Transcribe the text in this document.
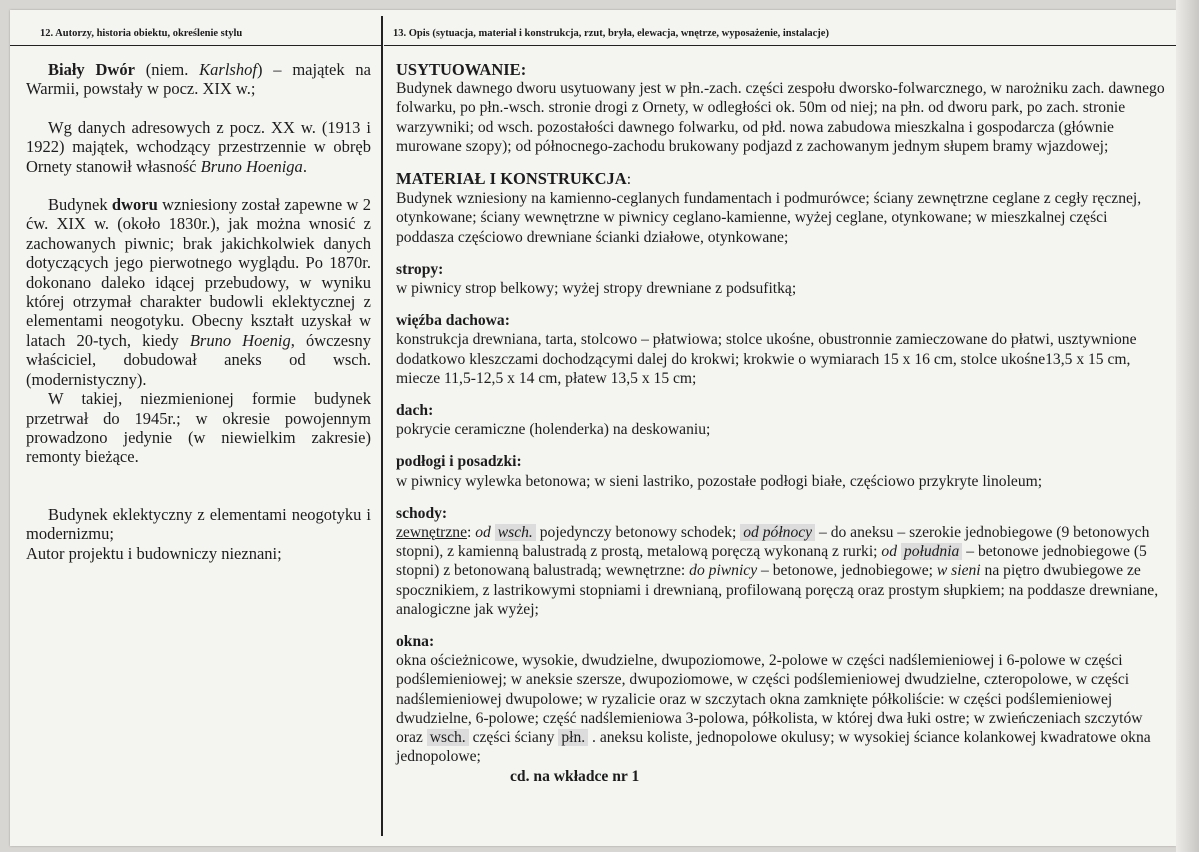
12. Autorzy, historia obiektu, określenie stylu	13. Opis (sytuacja, materiał i konstrukcja, rzut, bryła, elewacja, wnętrze, wyposażenie, instalacje)

Biały Dwór (niem. Karlshof) – majątek na Warmii, powstały w pocz. XIX w.;

Wg danych adresowych z pocz. XX w. (1913 i 1922) majątek, wchodzący przestrzennie w obręb Ornety stanowił własność Bruno Hoeniga.

Budynek dworu wzniesiony został zapewne w 2 ćw. XIX w. (około 1830r.), jak można wnosić z zachowanych piwnic; brak jakichkolwiek danych dotyczących jego pierwotnego wyglądu. Po 1870r. dokonano daleko idącej przebudowy, w wyniku której otrzymał charakter budowli eklektycznej z elementami neogotyku. Obecny kształt uzyskał w latach 20-tych, kiedy Bruno Hoenig, ówczesny właściciel, dobudował aneks od wsch. (modernistyczny).

W takiej, niezmienionej formie budynek przetrwał do 1945r.; w okresie powojennym prowadzono jedynie (w niewielkim zakresie) remonty bieżące.

Budynek eklektyczny z elementami neogotyku i modernizmu;

Autor projektu i budowniczy nieznani;

USYTUOWANIE:

Budynek dawnego dworu usytuowany jest w płn.-zach. części zespołu dworsko-folwarcznego, w narożniku zach. dawnego folwarku, po płn.-wsch. stronie drogi z Ornety, w odległości ok. 50m od niej; na płn. od dworu park, po zach. stronie warzywniki; od wsch. pozostałości dawnego folwarku, od płd. nowa zabudowa mieszkalna i gospodarcza (głównie murowane szopy); od północnego-zachodu brukowany podjazd z zachowanym jednym słupem bramy wjazdowej;

MATERIAŁ I KONSTRUKCJA:

Budynek wzniesiony na kamienno-ceglanych fundamentach i podmurówce; ściany zewnętrzne ceglane z cegły ręcznej, otynkowane; ściany wewnętrzne w piwnicy ceglano-kamienne, wyżej ceglane, otynkowane; w mieszkalnej części poddasza częściowo drewniane ścianki działowe, otynkowane;

stropy:

w piwnicy strop belkowy; wyżej stropy drewniane z podsufitką;

więźba dachowa:

konstrukcja drewniana, tarta, stolcowo – płatwiowa; stolce ukośne, obustronnie zamieczowane do płatwi, usztywnione dodatkowo kleszczami dochodzącymi dalej do krokwi; krokwie o wymiarach 15 x 16 cm, stolce ukośne13,5 x 15 cm, miecze 11,5-12,5 x 14 cm, płatew 13,5 x 15 cm;

dach:

pokrycie ceramiczne (holenderka) na deskowaniu;

podłogi i posadzki:

w piwnicy wylewka betonowa; w sieni lastriko, pozostałe podłogi białe, częściowo przykryte linoleum;

schody:

zewnętrzne: od wsch. pojedynczy betonowy schodek; od północy – do aneksu – szerokie jednobiegowe (9 betonowych stopni), z kamienną balustradą z prostą, metalową poręczą wykonaną z rurki; od południa – betonowe jednobiegowe (5 stopni) z betonowaną balustradą; wewnętrzne: do piwnicy – betonowe, jednobiegowe; w sieni na piętro dwubiegowe ze spocznikiem, z lastrikowymi stopniami i drewnianą, profilowaną poręczą oraz prostym słupkiem; na poddasze drewniane, analogiczne jak wyżej;

okna:

okna ościeżnicowe, wysokie, dwudzielne, dwupoziomowe, 2-polowe w części nadślemieniowej i 6-polowe w części podślemieniowej; w aneksie szersze, dwupoziomowe, w części podślemieniowej dwudzielne, czteropolowe, w części nadślemieniowej dwupolowe; w ryzalicie oraz w szczytach okna zamknięte półkoliście: w części podślemieniowej dwudzielne, 6-polowe; część nadślemieniowa 3-polowa, półkolista, w której dwa łuki ostre; w zwieńczeniach szczytów oraz wsch. części ściany płn. . aneksu koliste, jednopolowe okulusy; w wysokiej ściance kolankowej kwadratowe okna jednopolowe;

cd. na wkładce nr 1
